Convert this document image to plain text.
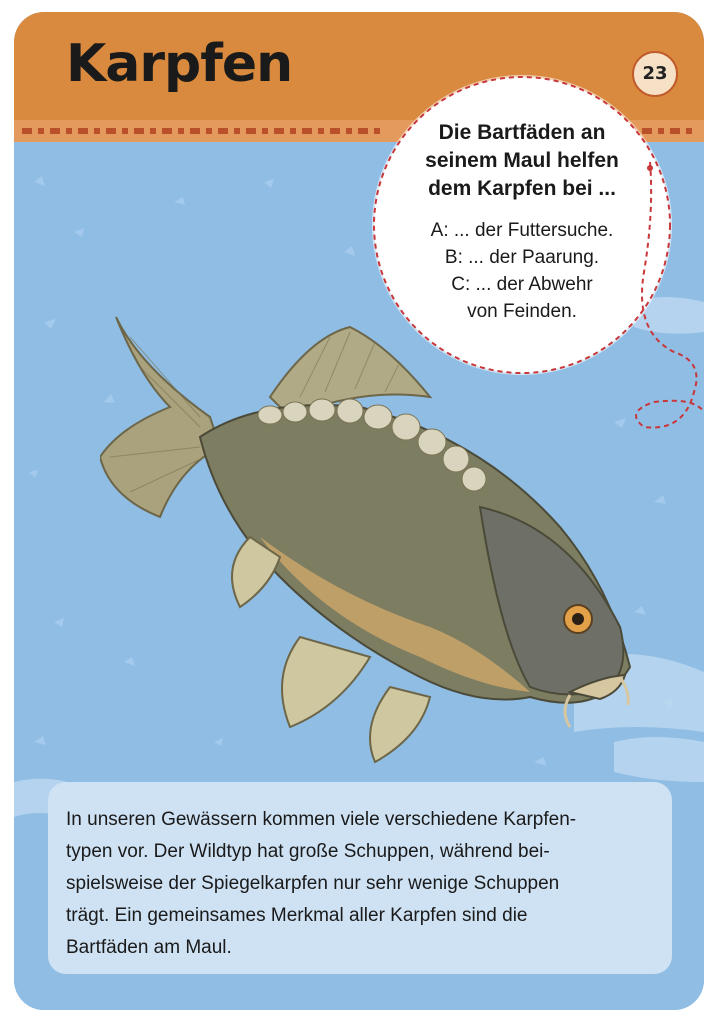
Karpfen	23
Die Bartfäden an
seinem Maul helfen
dem Karpfen bei ...
A: ... der Futtersuche.
B: ... der Paarung.
C: ... der Abwehr
von Feinden.
In unseren Gewässern kommen viele verschiedene Karpfen-
typen vor. Der Wildtyp hat große Schuppen, während bei-
spielsweise der Spiegelkarpfen nur sehr wenige Schuppen
trägt. Ein gemeinsames Merkmal aller Karpfen sind die
Bartfäden am Maul.
